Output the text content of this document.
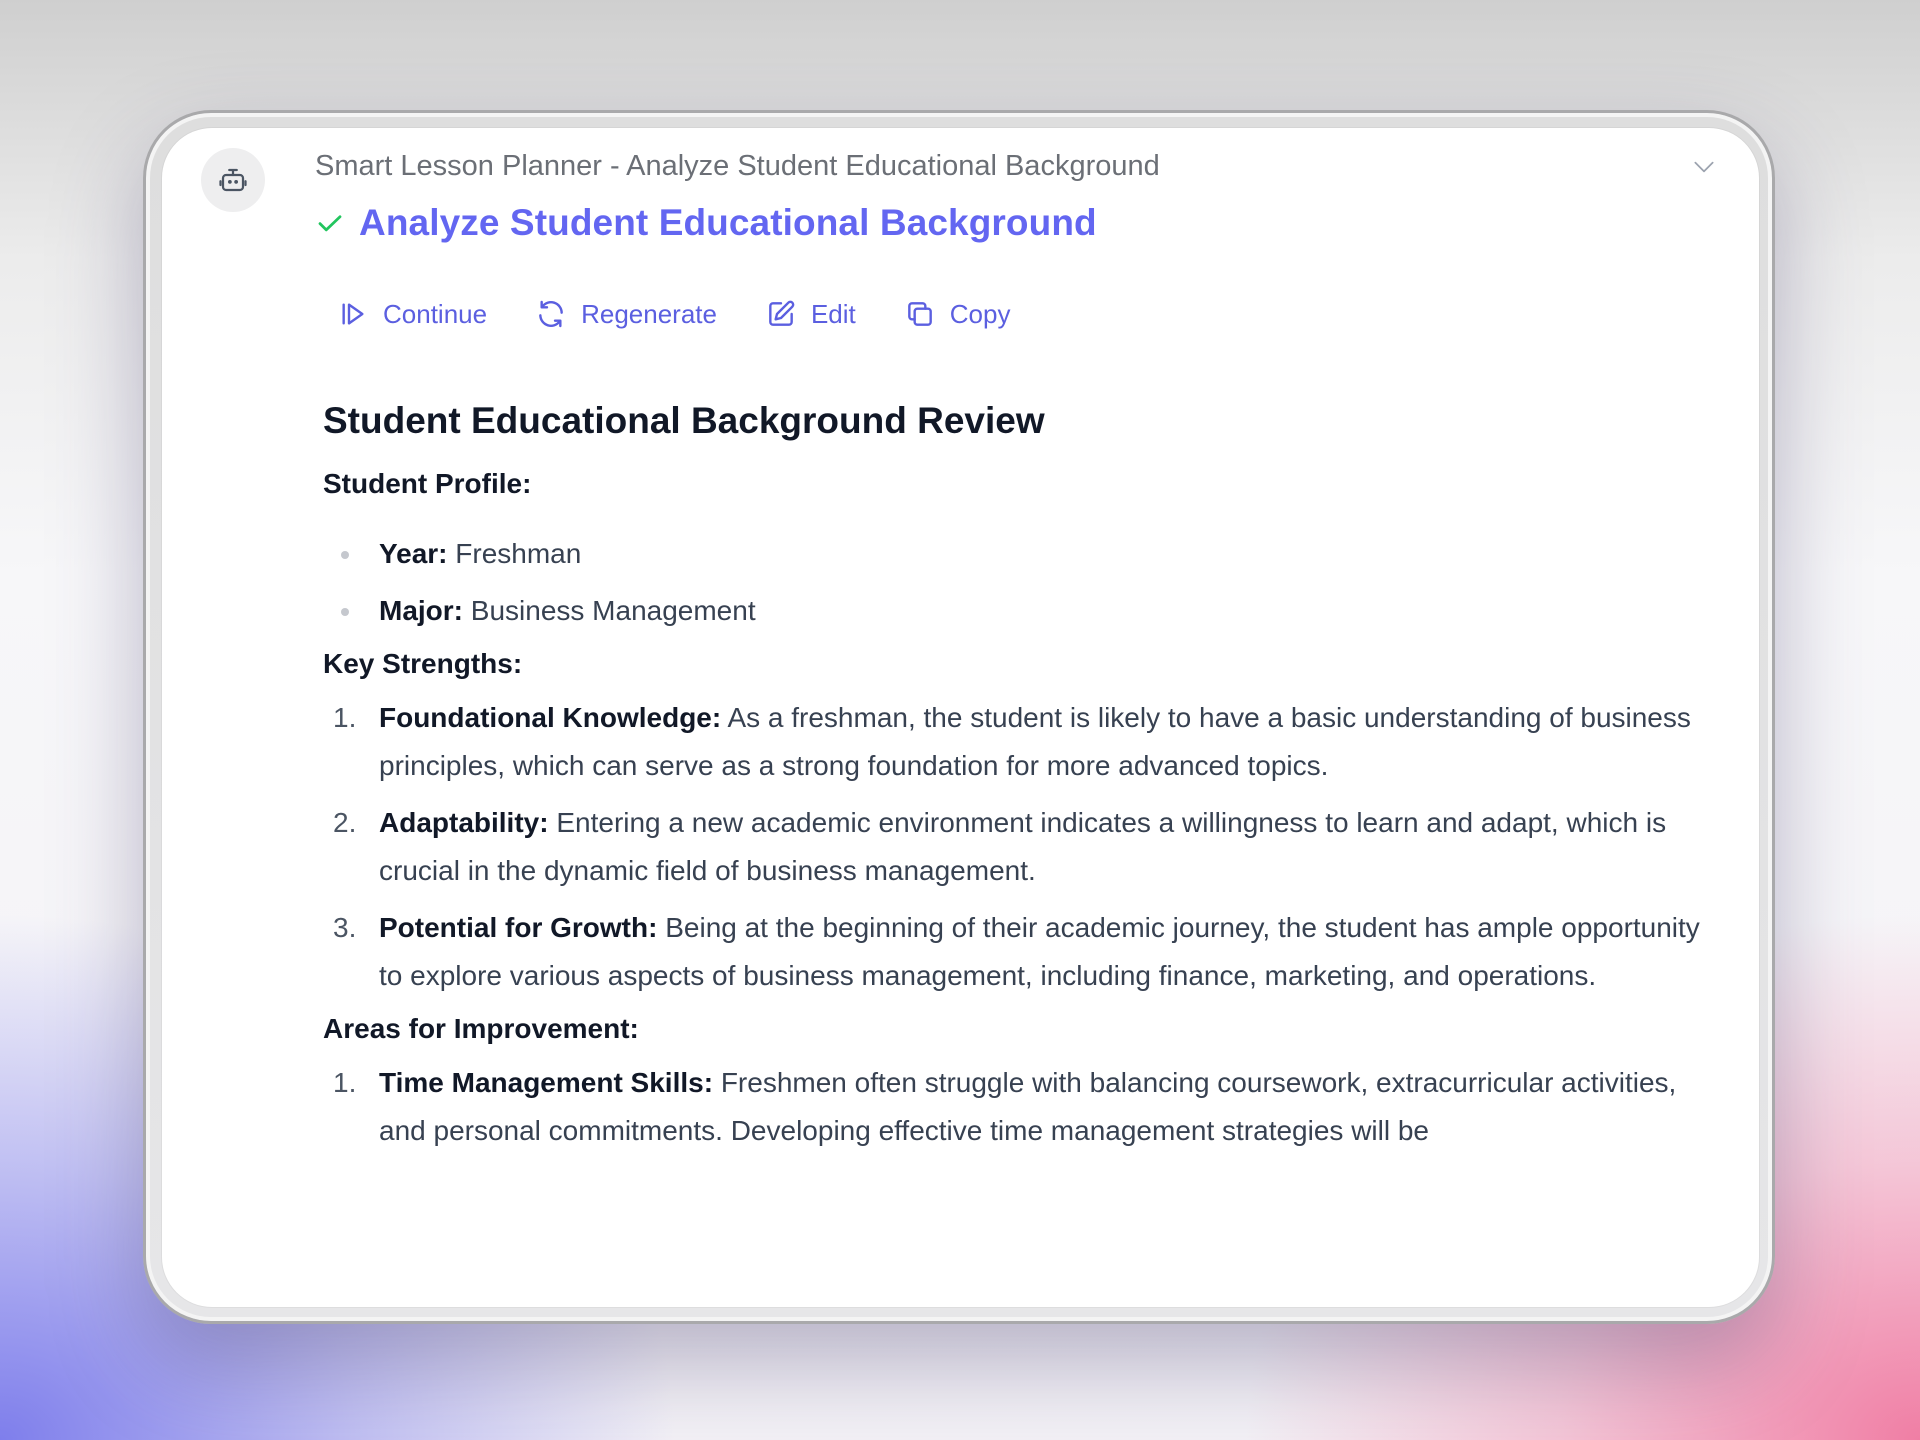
Smart Lesson Planner - Analyze Student Educational Background
Analyze Student Educational Background
Continue	Regenerate	Edit	Copy
Student Educational Background Review
Student Profile:
Year: Freshman
Major: Business Management
Key Strengths:
1. Foundational Knowledge: As a freshman, the student is likely to have a basic understanding of business principles, which can serve as a strong foundation for more advanced topics.
2. Adaptability: Entering a new academic environment indicates a willingness to learn and adapt, which is crucial in the dynamic field of business management.
3. Potential for Growth: Being at the beginning of their academic journey, the student has ample opportunity to explore various aspects of business management, including finance, marketing, and operations.
Areas for Improvement:
1. Time Management Skills: Freshmen often struggle with balancing coursework, extracurricular activities, and personal commitments. Developing effective time management strategies will be
